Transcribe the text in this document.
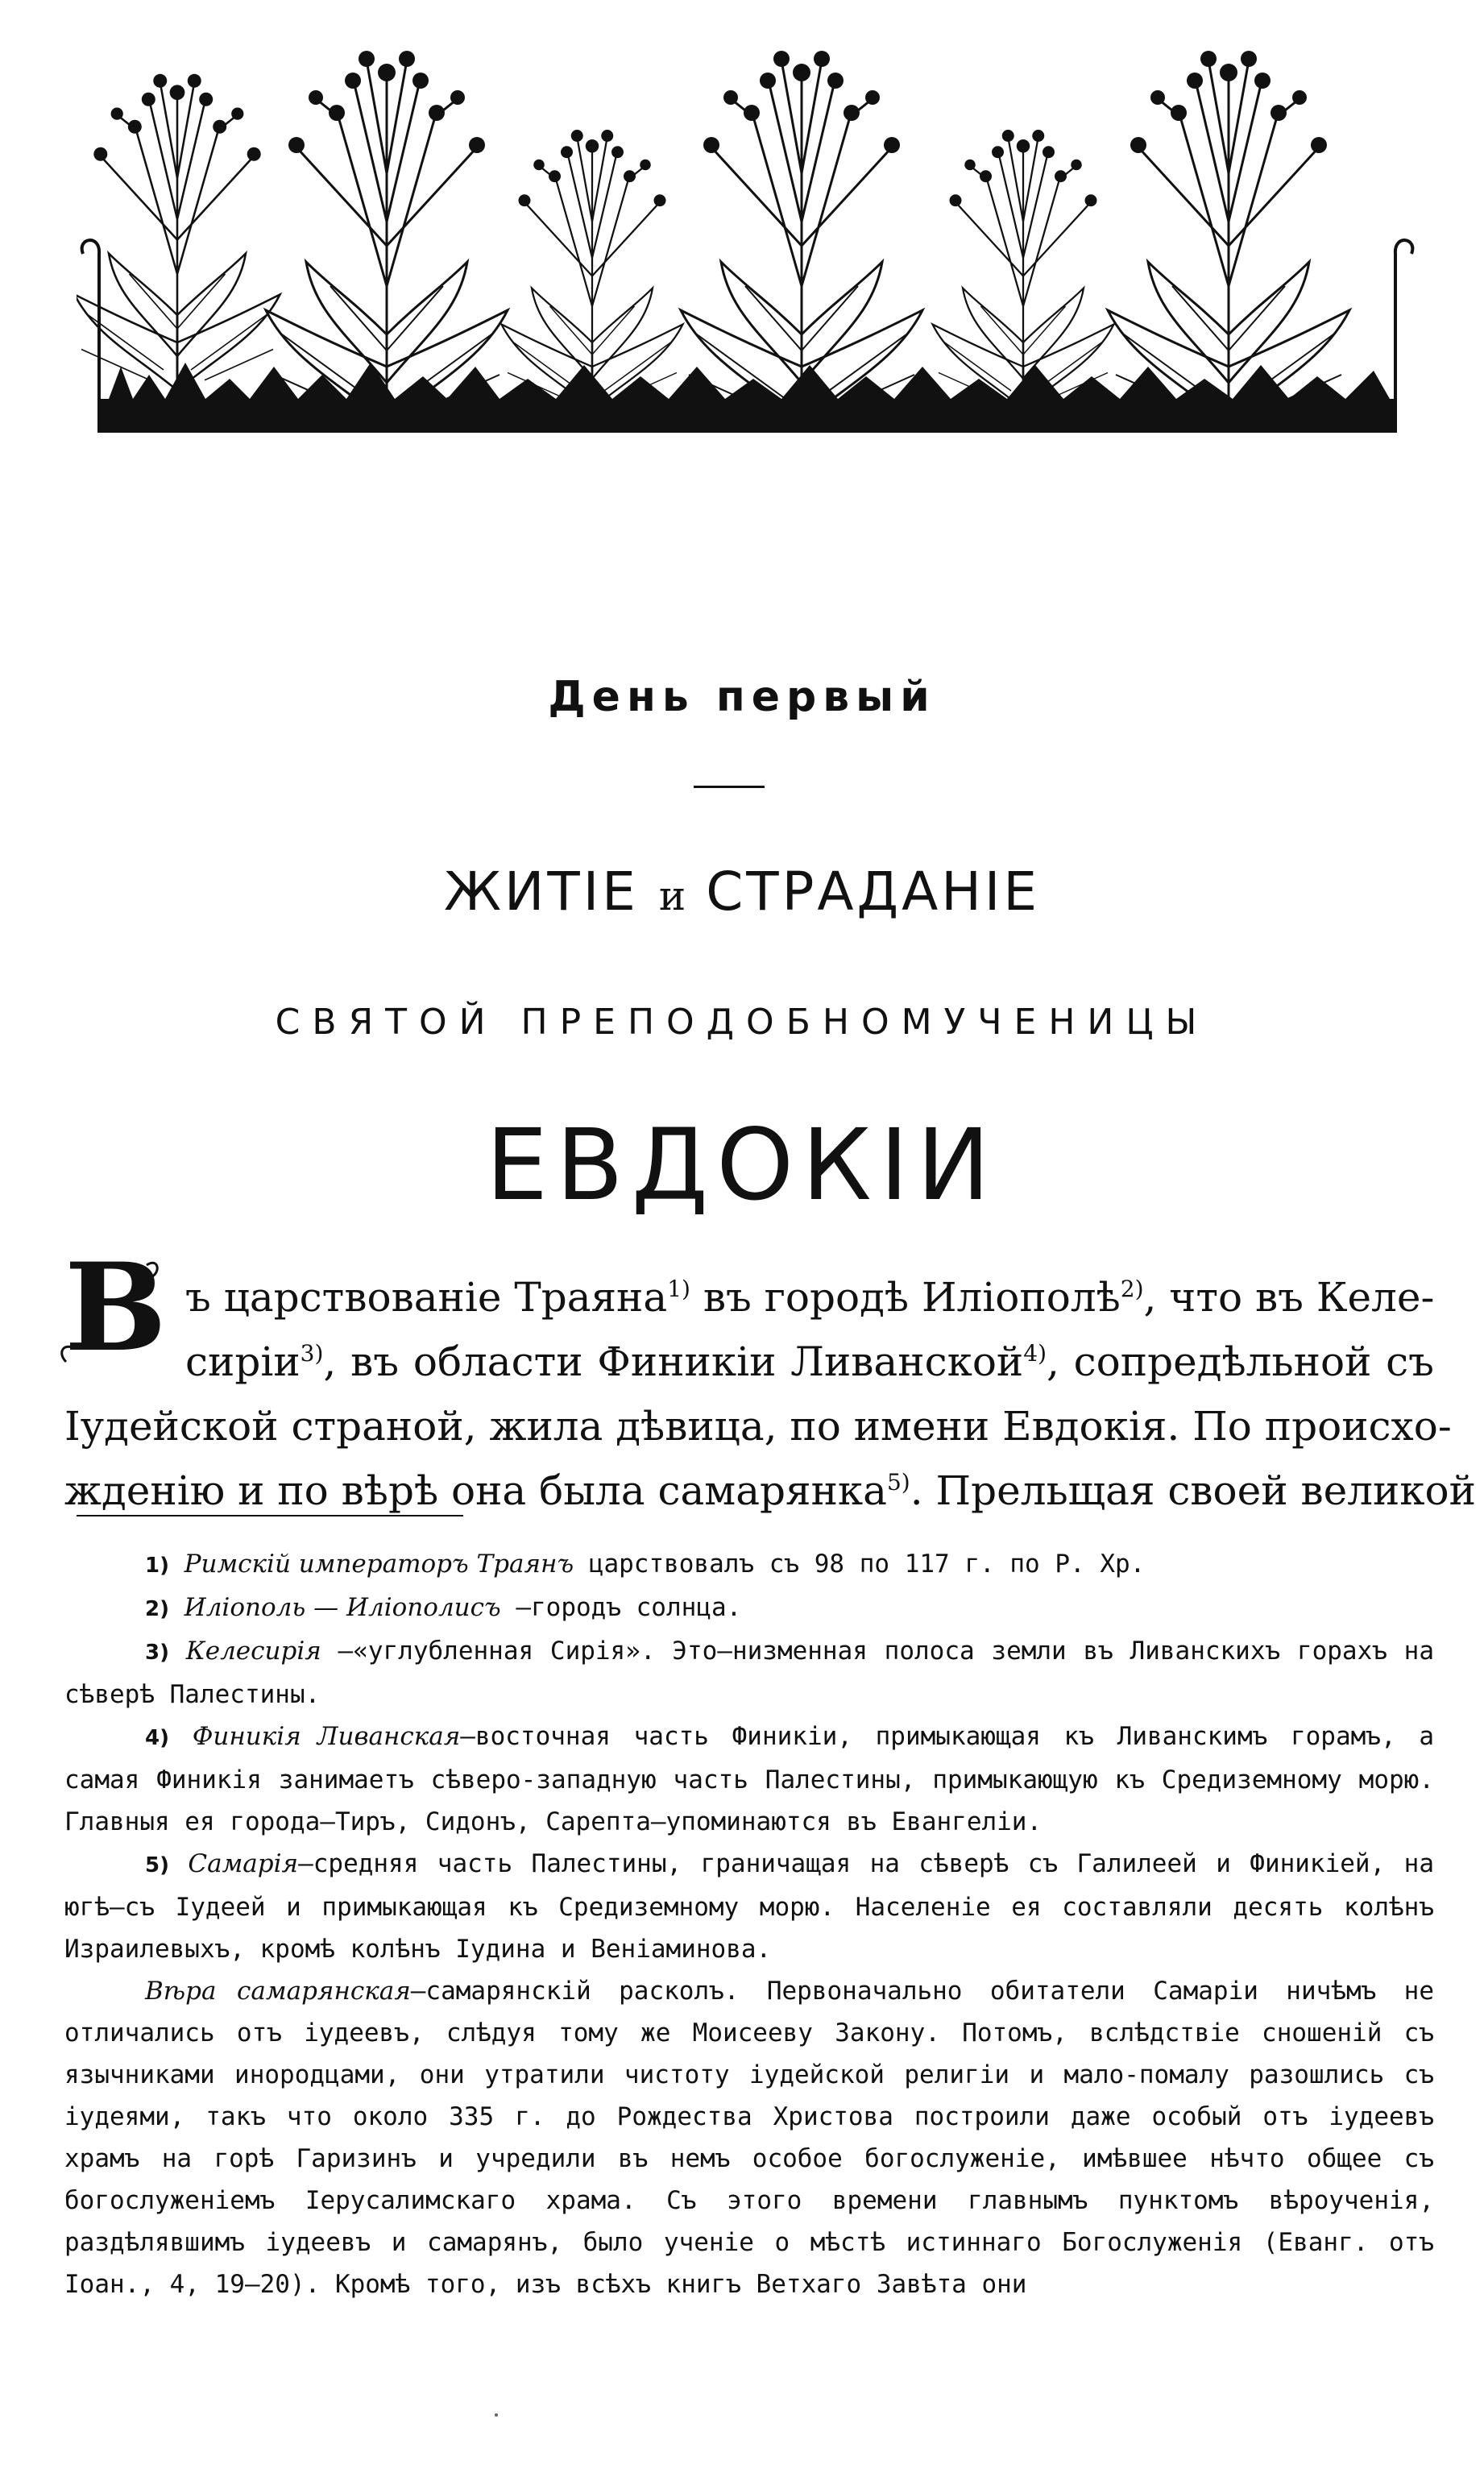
День первый
ЖИТІЕ и СТРАДАНІЕ
СВЯТОЙ ПРЕПОДОБНОМУЧЕНИЦЫ
ЕВДОКІИ
В ъ царствованіе Траяна$^{1)}$ въ городѣ Иліополѣ$^{2)}$, что въ Келе-
сиріи$^{3)}$, въ области Финикіи Ливанской$^{4)}$, сопредѣльной съ
Іудейской страной, жила дѣвица, по имени Евдокія. По происхо-
жденію и по вѣрѣ она была самарянка$^{5)}$. Прельщая своей великой

1) Римскій императоръ Траянъ царствовалъ съ 98 по 117 г. по Р. Хр.

2) Иліополь — Иліополисъ —городъ солнца.

3) Келесирія —«углубленная Сирія». Это—низменная полоса земли въ Ливанскихъ горахъ на сѣверѣ Палестины.

4) Финикія Ливанская—восточная часть Финикіи, примыкающая къ Ливанскимъ горамъ, а самая Финикія занимаетъ сѣверо-западную часть Палестины, примыкающую къ Средиземному морю. Главныя ея города—Тиръ, Сидонъ, Сарепта—упоминаются въ Евангеліи.

5) Самарія—средняя часть Палестины, граничащая на сѣверѣ съ Галилеей и Финикіей, на югѣ—съ Іудеей и примыкающая къ Средиземному морю. Населеніе ея составляли десять колѣнъ Израилевыхъ, кромѣ колѣнъ Іудина и Веніаминова.

Вѣра самарянская—самарянскій расколъ. Первоначально обитатели Самаріи ничѣмъ не отличались отъ іудеевъ, слѣдуя тому же Моисееву Закону. Потомъ, вслѣдствіе сношеній съ язычниками инородцами, они утратили чистоту іудейской религіи и мало-помалу разошлись съ іудеями, такъ что около 335 г. до Рождества Христова построили даже особый отъ іудеевъ храмъ на горѣ Гаризинъ и учредили въ немъ особое богослуженіе, имѣвшее нѣчто общее съ богослуженіемъ Іерусалимскаго храма. Съ этого времени главнымъ пунктомъ вѣроученія, раздѣлявшимъ іудеевъ и самарянъ, было ученіе о мѣстѣ истиннаго Богослуженія (Еванг. отъ Іоан., 4, 19—20). Кромѣ того, изъ всѣхъ книгъ Ветхаго Завѣта они
